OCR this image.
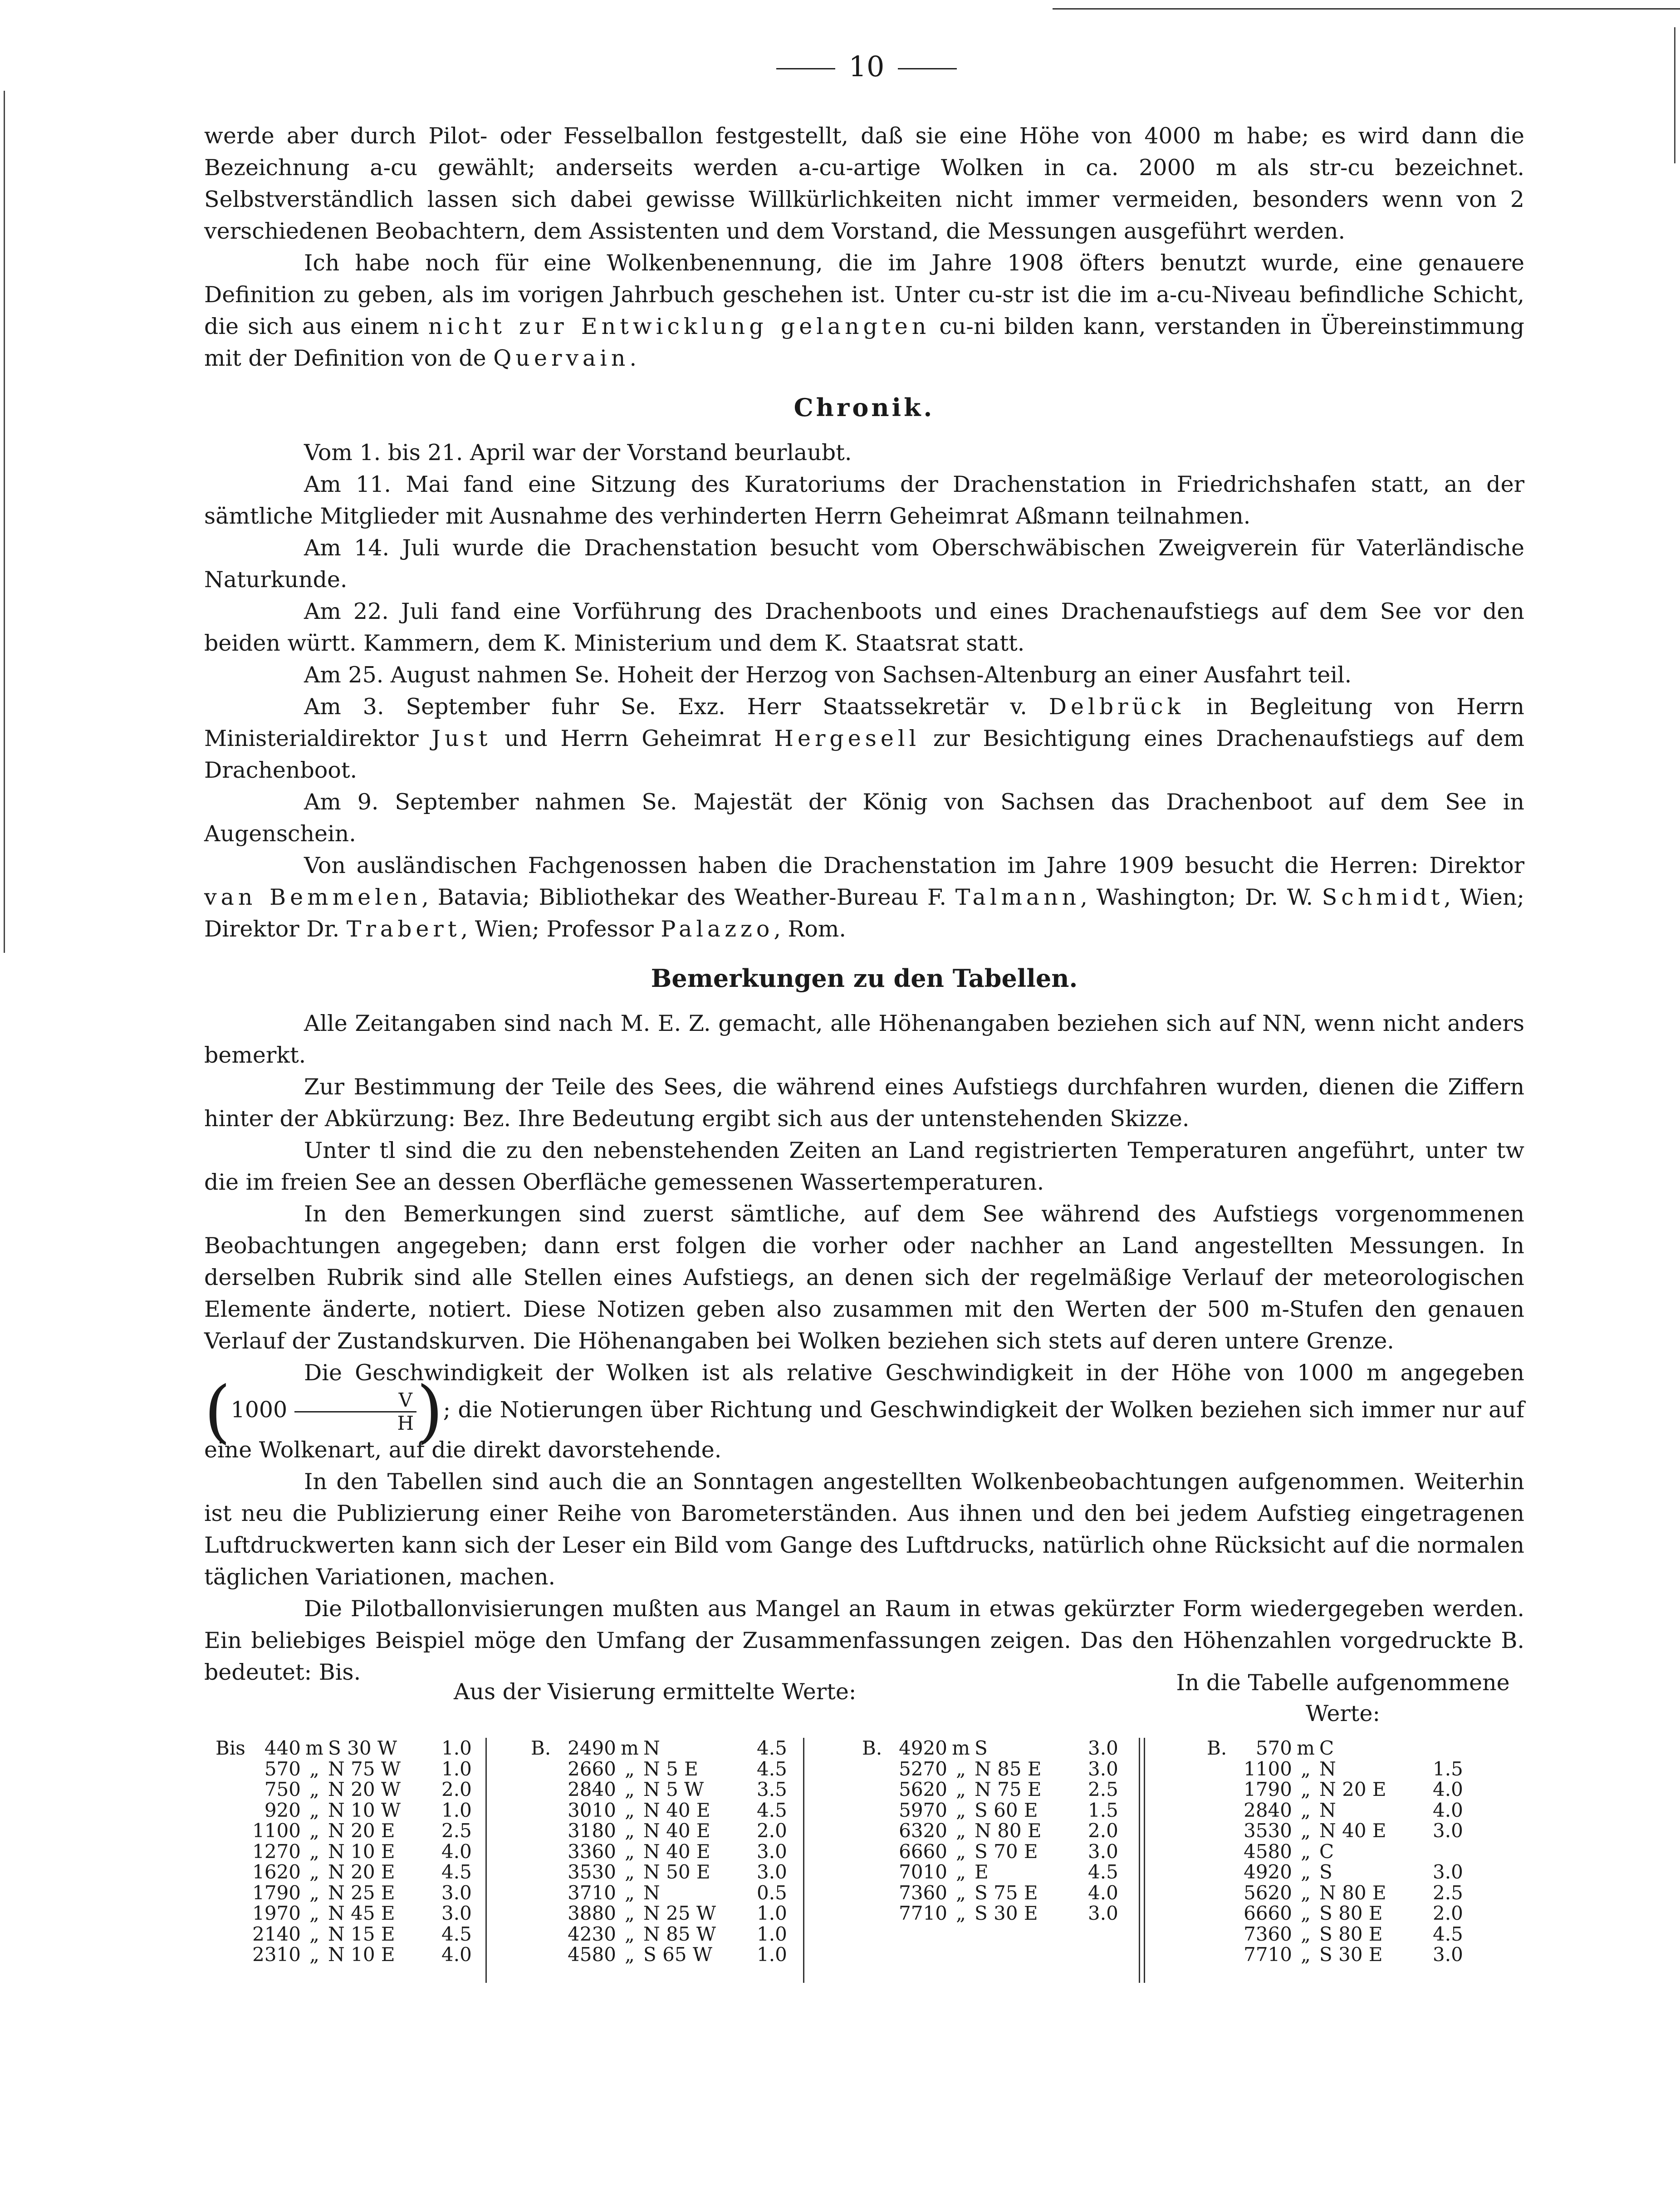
10

werde aber durch Pilot- oder Fesselballon festgestellt, daß sie eine Höhe von 4000 m habe; es wird dann die Bezeichnung a-cu gewählt; anderseits werden a-cu-artige Wolken in ca. 2000 m als str-cu bezeichnet. Selbstverständlich lassen sich dabei gewisse Willkürlichkeiten nicht immer vermeiden, besonders wenn von 2 verschiedenen Beobachtern, dem Assistenten und dem Vorstand, die Messungen ausgeführt werden.

Ich habe noch für eine Wolkenbenennung, die im Jahre 1908 öfters benutzt wurde, eine genauere Definition zu geben, als im vorigen Jahrbuch geschehen ist. Unter cu-str ist die im a-cu-Niveau befindliche Schicht, die sich aus einem nicht zur Entwicklung gelangten cu-ni bilden kann, verstanden in Übereinstimmung mit der Definition von de Quervain.

Chronik.

Vom 1. bis 21. April war der Vorstand beurlaubt.

Am 11. Mai fand eine Sitzung des Kuratoriums der Drachenstation in Friedrichshafen statt, an der sämtliche Mitglieder mit Ausnahme des verhinderten Herrn Geheimrat Aßmann teilnahmen.

Am 14. Juli wurde die Drachenstation besucht vom Oberschwäbischen Zweigverein für Vaterländische Naturkunde.

Am 22. Juli fand eine Vorführung des Drachenboots und eines Drachenaufstiegs auf dem See vor den beiden württ. Kammern, dem K. Ministerium und dem K. Staatsrat statt.

Am 25. August nahmen Se. Hoheit der Herzog von Sachsen-Altenburg an einer Ausfahrt teil.

Am 3. September fuhr Se. Exz. Herr Staatssekretär v. Delbrück in Begleitung von Herrn Ministerialdirektor Just und Herrn Geheimrat Hergesell zur Besichtigung eines Drachenaufstiegs auf dem Drachenboot.

Am 9. September nahmen Se. Majestät der König von Sachsen das Drachenboot auf dem See in Augenschein.

Von ausländischen Fachgenossen haben die Drachenstation im Jahre 1909 besucht die Herren: Direktor van Bemmelen, Batavia; Bibliothekar des Weather-Bureau F. Talmann, Washington; Dr. W. Schmidt, Wien; Direktor Dr. Trabert, Wien; Professor Palazzo, Rom.

Bemerkungen zu den Tabellen.

Alle Zeitangaben sind nach M. E. Z. gemacht, alle Höhenangaben beziehen sich auf NN, wenn nicht anders bemerkt.

Zur Bestimmung der Teile des Sees, die während eines Aufstiegs durchfahren wurden, dienen die Ziffern hinter der Abkürzung: Bez. Ihre Bedeutung ergibt sich aus der untenstehenden Skizze.

Unter tl sind die zu den nebenstehenden Zeiten an Land registrierten Temperaturen angeführt, unter tw die im freien See an dessen Oberfläche gemessenen Wassertemperaturen.

In den Bemerkungen sind zuerst sämtliche, auf dem See während des Aufstiegs vorgenommenen Beobachtungen angegeben; dann erst folgen die vorher oder nachher an Land angestellten Messungen. In derselben Rubrik sind alle Stellen eines Aufstiegs, an denen sich der regelmäßige Verlauf der meteorologischen Elemente änderte, notiert. Diese Notizen geben also zusammen mit den Werten der 500 m-Stufen den genauen Verlauf der Zustandskurven. Die Höhenangaben bei Wolken beziehen sich stets auf deren untere Grenze.

Die Geschwindigkeit der Wolken ist als relative Geschwindigkeit in der Höhe von 1000 m angegeben ($1000 \frac{V}{H}$ ); die Notierungen über Richtung und Geschwindigkeit der Wolken beziehen sich immer nur auf eine Wolkenart, auf die direkt davorstehende.

In den Tabellen sind auch die an Sonntagen angestellten Wolkenbeobachtungen aufgenommen. Weiterhin ist neu die Publizierung einer Reihe von Barometerständen. Aus ihnen und den bei jedem Aufstieg eingetragenen Luftdruckwerten kann sich der Leser ein Bild vom Gange des Luftdrucks, natürlich ohne Rücksicht auf die normalen täglichen Variationen, machen.

Die Pilotballonvisierungen mußten aus Mangel an Raum in etwas gekürzter Form wiedergegeben werden. Ein beliebiges Beispiel möge den Umfang der Zusammenfassungen zeigen. Das den Höhenzahlen vorgedruckte B. bedeutet: Bis.

Aus der Visierung ermittelte Werte:	In die Tabelle aufgenommene
Werte:
Bis 440 m S 30 W	1.0
570 „ N 75 W	1.0
750 „ N 20 W	2.0
920 „ N 10 W	1.0
1100 „ N 20 E	2.5
1270 „ N 10 E	4.0
1620 „ N 20 E	4.5
1790 „ N 25 E	3.0
1970 „ N 45 E	3.0
2140 „ N 15 E	4.5
2310 „ N 10 E	4.0
B. 2490 m N	4.5
2660 „ N 5 E	4.5
2840 „ N 5 W	3.5
3010 „ N 40 E	4.5
3180 „ N 40 E	2.0
3360 „ N 40 E	3.0
3530 „ N 50 E	3.0
3710 „ N	0.5
3880 „ N 25 W	1.0
4230 „ N 85 W	1.0
4580 „ S 65 W	1.0
B. 4920 m S	3.0
5270 „ N 85 E	3.0
5620 „ N 75 E	2.5
5970 „ S 60 E	1.5
6320 „ N 80 E	2.0
6660 „ S 70 E	3.0
7010 „ E	4.5
7360 „ S 75 E	4.0
7710 „ S 30 E	3.0
B.	570 m C
1100 „ N	1.5
1790 „ N 20 E	4.0
2840 „ N	4.0
3530 „ N 40 E	3.0
4580 „ C
4920 „ S	3.0
5620 „ N 80 E	2.5
6660 „ S 80 E	2.0
7360 „ S 80 E	4.5
7710 „ S 30 E	3.0
